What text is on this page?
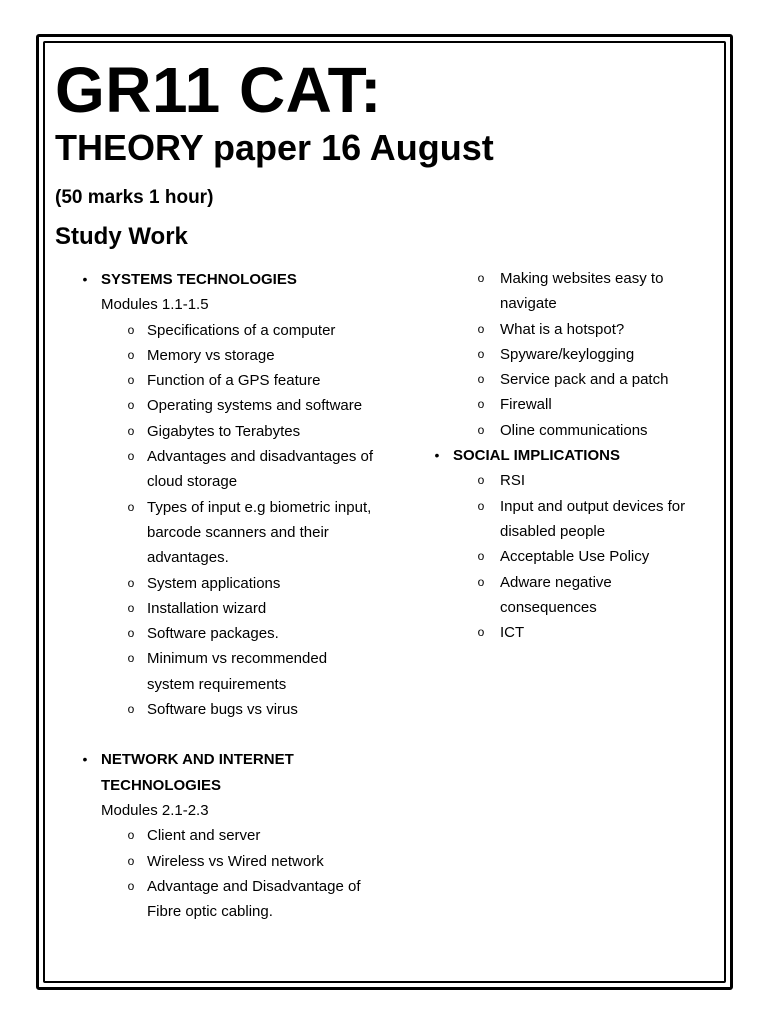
GR11 CAT:
THEORY paper 16 August

(50 marks 1 hour)

Study Work
• SYSTEMS TECHNOLOGIES
Modules 1.1-1.5
o Specifications of a computer
o Memory vs storage
o Function of a GPS feature
o Operating systems and software
o Gigabytes to Terabytes
o Advantages and disadvantages of cloud storage
o Types of input e.g biometric input, barcode scanners and their advantages.
o System applications
o Installation wizard
o Software packages.
o Minimum vs recommended system requirements
o Software bugs vs virus
• NETWORK AND INTERNET TECHNOLOGIES
Modules 2.1-2.3
o Client and server
o Wireless vs Wired network
o Advantage and Disadvantage of Fibre optic cabling.
o Making websites easy to navigate
o What is a hotspot?
o Spyware/keylogging
o Service pack and a patch
o Firewall
o Oline communications
• SOCIAL IMPLICATIONS
o RSI
o Input and output devices for disabled people
o Acceptable Use Policy
o Adware negative consequences
o ICT
